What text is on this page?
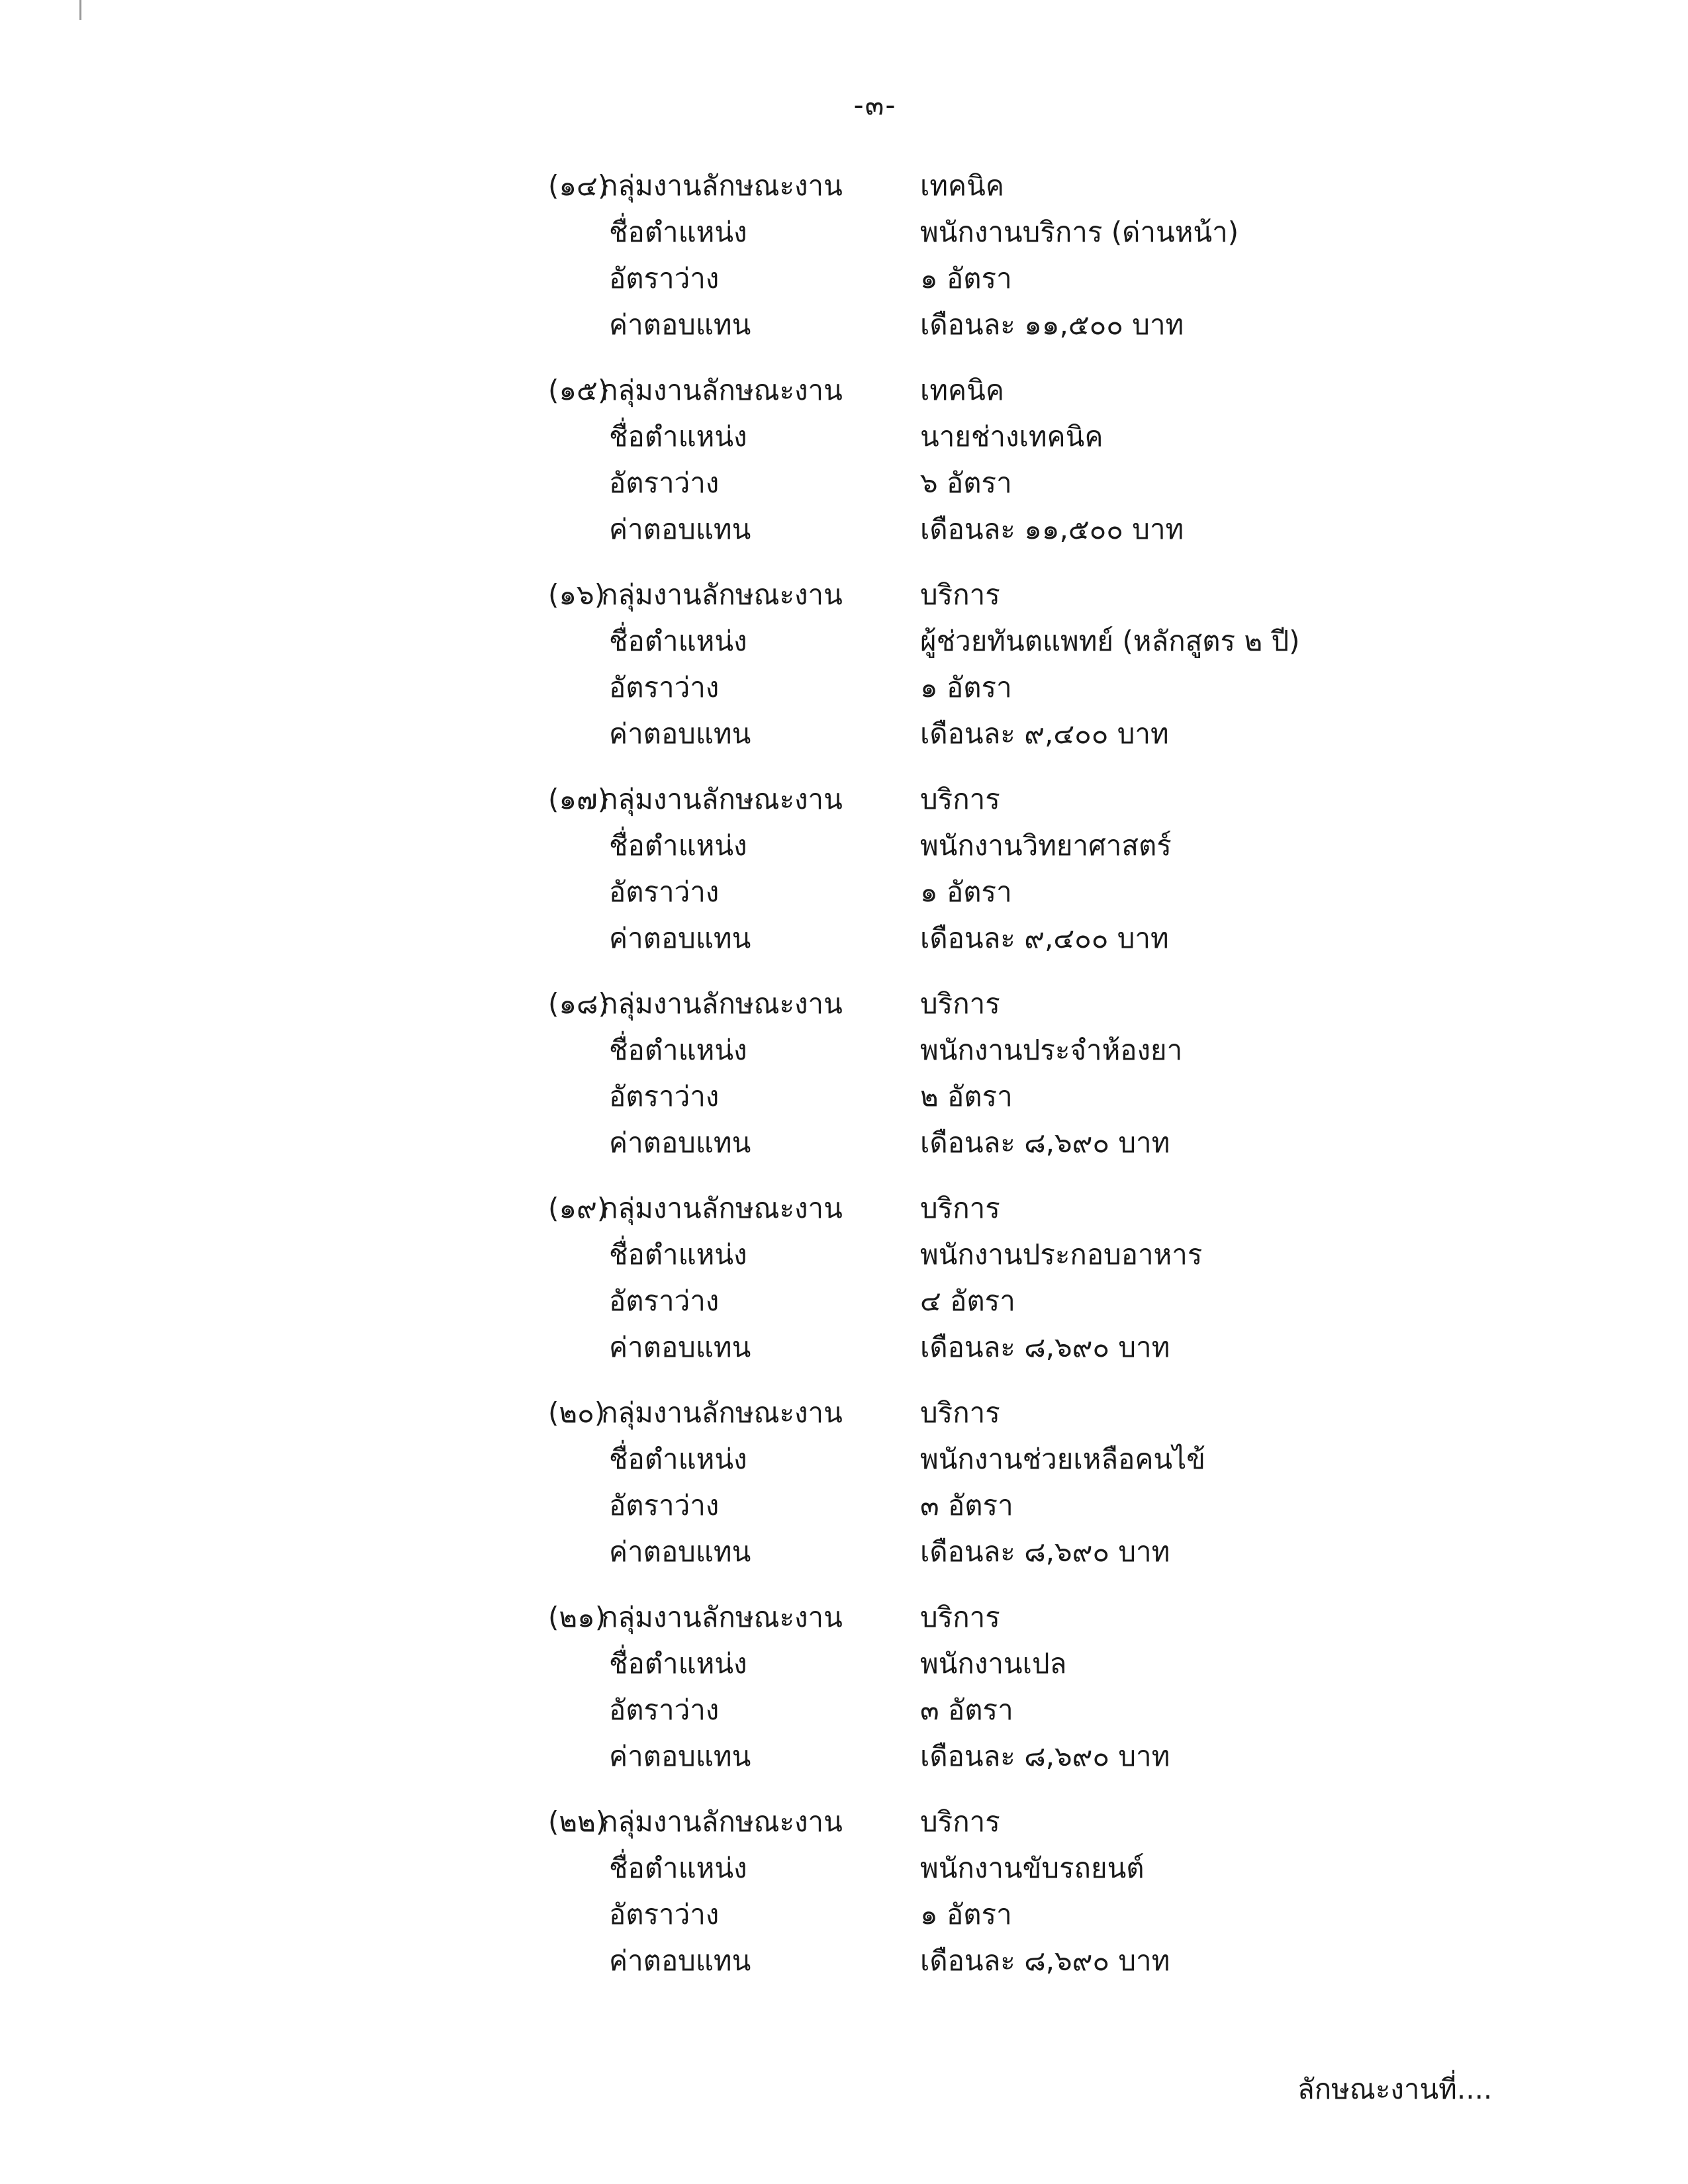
-๓-
(๑๔)
กลุ่มงานลักษณะงาน	เทคนิค
ชื่อตำแหน่ง	พนักงานบริการ (ด่านหน้า)
อัตราว่าง	๑ อัตรา
ค่าตอบแทน	เดือนละ ๑๑,๕๐๐ บาท
(๑๕)
กลุ่มงานลักษณะงาน	เทคนิค
ชื่อตำแหน่ง	นายช่างเทคนิค
อัตราว่าง	๖ อัตรา
ค่าตอบแทน	เดือนละ ๑๑,๕๐๐ บาท
(๑๖)
กลุ่มงานลักษณะงาน	บริการ
ชื่อตำแหน่ง	ผู้ช่วยทันตแพทย์ (หลักสูตร ๒ ปี)
อัตราว่าง	๑ อัตรา
ค่าตอบแทน	เดือนละ ๙,๔๐๐ บาท
(๑๗)
กลุ่มงานลักษณะงาน	บริการ
ชื่อตำแหน่ง	พนักงานวิทยาศาสตร์
อัตราว่าง	๑ อัตรา
ค่าตอบแทน	เดือนละ ๙,๔๐๐ บาท
(๑๘)
กลุ่มงานลักษณะงาน	บริการ
ชื่อตำแหน่ง	พนักงานประจำห้องยา
อัตราว่าง	๒ อัตรา
ค่าตอบแทน	เดือนละ ๘,๖๙๐ บาท
(๑๙)
กลุ่มงานลักษณะงาน	บริการ
ชื่อตำแหน่ง	พนักงานประกอบอาหาร
อัตราว่าง	๔ อัตรา
ค่าตอบแทน	เดือนละ ๘,๖๙๐ บาท
(๒๐)
กลุ่มงานลักษณะงาน	บริการ
ชื่อตำแหน่ง	พนักงานช่วยเหลือคนไข้
อัตราว่าง	๓ อัตรา
ค่าตอบแทน	เดือนละ ๘,๖๙๐ บาท
(๒๑)
กลุ่มงานลักษณะงาน	บริการ
ชื่อตำแหน่ง	พนักงานเปล
อัตราว่าง	๓ อัตรา
ค่าตอบแทน	เดือนละ ๘,๖๙๐ บาท
(๒๒)
กลุ่มงานลักษณะงาน	บริการ
ชื่อตำแหน่ง	พนักงานขับรถยนต์
อัตราว่าง	๑ อัตรา
ค่าตอบแทน	เดือนละ ๘,๖๙๐ บาท
ลักษณะงานที่....
